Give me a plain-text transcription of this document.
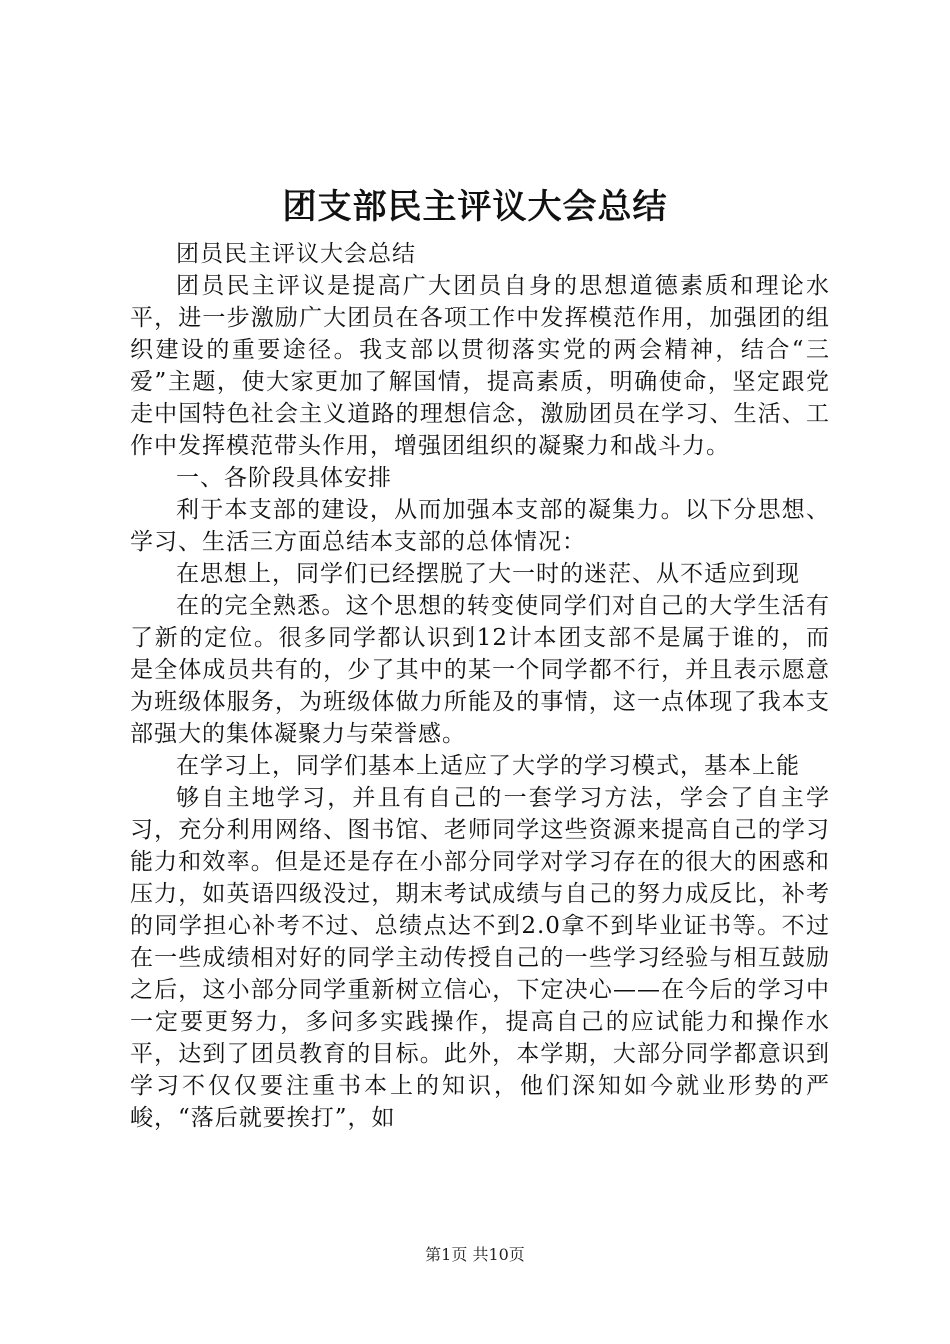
团支部民主评议大会总结

团员民主评议大会总结

团员民主评议是提高广大团员自身的思想道德素质和理论水平，进一步激励广大团员在各项工作中发挥模范作用，加强团的组织建设的重要途径。我支部以贯彻落实党的两会精神，结合“三爱”主题，使大家更加了解国情，提高素质，明确使命，坚定跟党走中国特色社会主义道路的理想信念，激励团员在学习、生活、工作中发挥模范带头作用，增强团组织的凝聚力和战斗力。

一、各阶段具体安排

利于本支部的建设，从而加强本支部的凝集力。以下分思想、学习、生活三方面总结本支部的总体情况：

在思想上，同学们已经摆脱了大一时的迷茫、从不适应到现

在的完全熟悉。这个思想的转变使同学们对自己的大学生活有了新的定位。很多同学都认识到12计本团支部不是属于谁的，而是全体成员共有的，少了其中的某一个同学都不行，并且表示愿意为班级体服务，为班级体做力所能及的事情，这一点体现了我本支部强大的集体凝聚力与荣誉感。

在学习上，同学们基本上适应了大学的学习模式，基本上能

够自主地学习，并且有自己的一套学习方法，学会了自主学习，充分利用网络、图书馆、老师同学这些资源来提高自己的学习能力和效率。但是还是存在小部分同学对学习存在的很大的困惑和压力，如英语四级没过，期末考试成绩与自己的努力成反比，补考的同学担心补考不过、总绩点达不到2.0拿不到毕业证书等。不过在一些成绩相对好的同学主动传授自己的一些学习经验与相互鼓励之后，这小部分同学重新树立信心，下定决心——在今后的学习中一定要更努力，多问多实践操作，提高自己的应试能力和操作水平，达到了团员教育的目标。此外，本学期，大部分同学都意识到学习不仅仅要注重书本上的知识，他们深知如今就业形势的严峻，“落后就要挨打”，如

第1页 共10页
